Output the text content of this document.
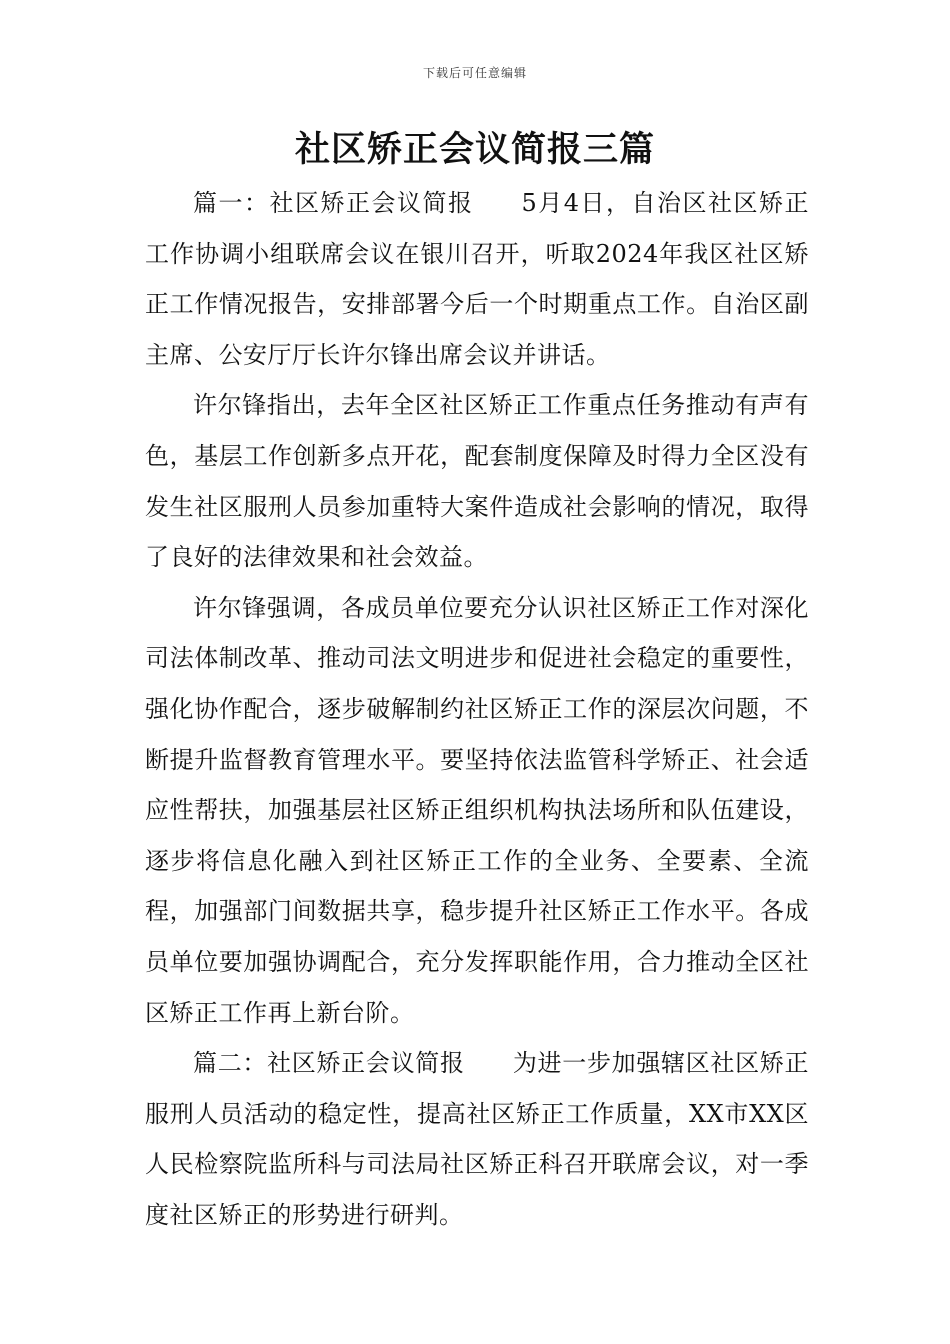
下载后可任意编辑
社区矫正会议简报三篇

篇一：社区矫正会议简报 5月4日，自治区社区矫正工作协调小组联席会议在银川召开，听取2024年我区社区矫正工作情况报告，安排部署今后一个时期重点工作。自治区副主席、公安厅厅长许尔锋出席会议并讲话。

许尔锋指出，去年全区社区矫正工作重点任务推动有声有色，基层工作创新多点开花，配套制度保障及时得力全区没有发生社区服刑人员参加重特大案件造成社会影响的情况，取得了良好的法律效果和社会效益。

许尔锋强调，各成员单位要充分认识社区矫正工作对深化司法体制改革、推动司法文明进步和促进社会稳定的重要性，强化协作配合，逐步破解制约社区矫正工作的深层次问题，不断提升监督教育管理水平。要坚持依法监管科学矫正、社会适应性帮扶，加强基层社区矫正组织机构执法场所和队伍建设，逐步将信息化融入到社区矫正工作的全业务、全要素、全流程，加强部门间数据共享，稳步提升社区矫正工作水平。各成员单位要加强协调配合，充分发挥职能作用，合力推动全区社区矫正工作再上新台阶。

篇二：社区矫正会议简报 为进一步加强辖区社区矫正服刑人员活动的稳定性，提高社区矫正工作质量，XX市XX区人民检察院监所科与司法局社区矫正科召开联席会议，对一季度社区矫正的形势进行研判。
